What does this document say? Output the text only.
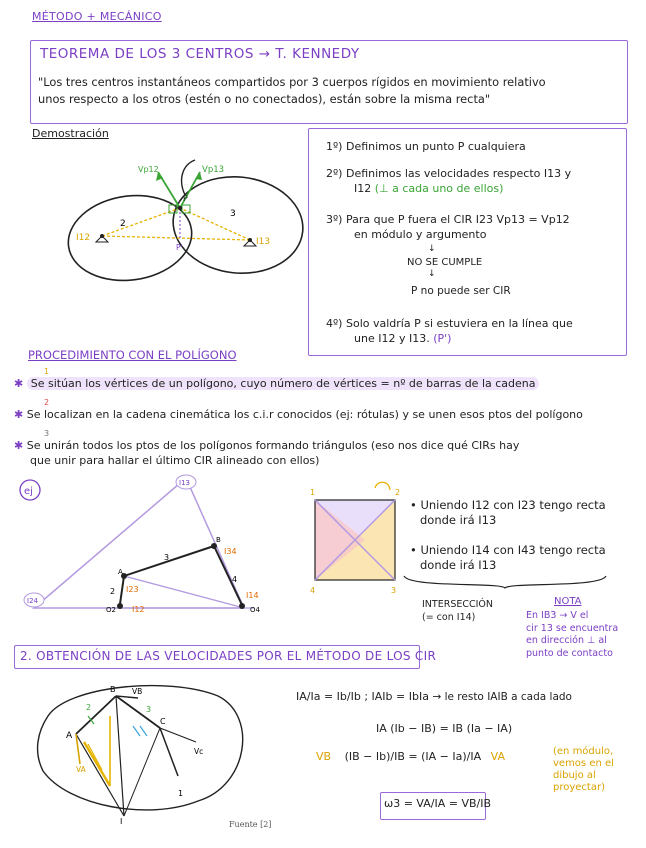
MÉTODO + MECÁNICO
TEOREMA DE LOS 3 CENTROS → T. KENNEDY
"Los tres centros instantáneos compartidos por 3 cuerpos rígidos en movimiento relativo
unos respecto a los otros (estén o no conectados), están sobre la misma recta"
Demostración
Vp12	Vp13
2
3
I12	I13
P
P'
1º) Definimos un punto P cualquiera
2º) Definimos las velocidades respecto I13 y
I12 (⊥ a cada uno de ellos)
3º) Para que P fuera el CIR I23 Vp13 = Vp12
en módulo y argumento
↓
NO SE CUMPLE
↓
P no puede ser CIR
4º) Solo valdría P si estuviera en la línea que
une I12 y I13. (P')
PROCEDIMIENTO CON EL POLÍGONO
✱
1
Se sitúan los vértices de un polígono, cuyo número de vértices = nº de barras de la cadena
✱
2
Se localizan en la cadena cinemática los c.i.r conocidos (ej: rótulas) y se unen esos ptos del polígono
✱
3
Se unirán todos los ptos de los polígonos formando triángulos (eso nos dice qué CIRs hay
que unir para hallar el último CIR alineado con ellos)
ej
I13
I24
I34
I23
I12
I14
O2	O4
2
3
4
A
B
1	2
3
4
• Uniendo I12 con I23 tengo recta
donde irá I13
• Uniendo I14 con I43 tengo recta
donde irá I13
INTERSECCIÓN
(= con I14)
NOTA
En IB3 → V el
cir 13 se encuentra
en dirección ⊥ al
punto de contacto
2. OBTENCIÓN DE LAS VELOCIDADES POR EL MÉTODO DE LOS CIR
A
B
C
I
VB
VA
Vc
2	3
1
IA/Ia = Ib/Ib ; IAIb = IbIa → le resto IAIB a cada lado
IA (Ib − IB) = IB (Ia − IA)
VB (IB − Ib)/IB = (IA − Ia)/IA VA	(en módulo,
vemos en el
dibujo al
proyectar)
ω3 = VA/IA = VB/IB
Fuente [2]
